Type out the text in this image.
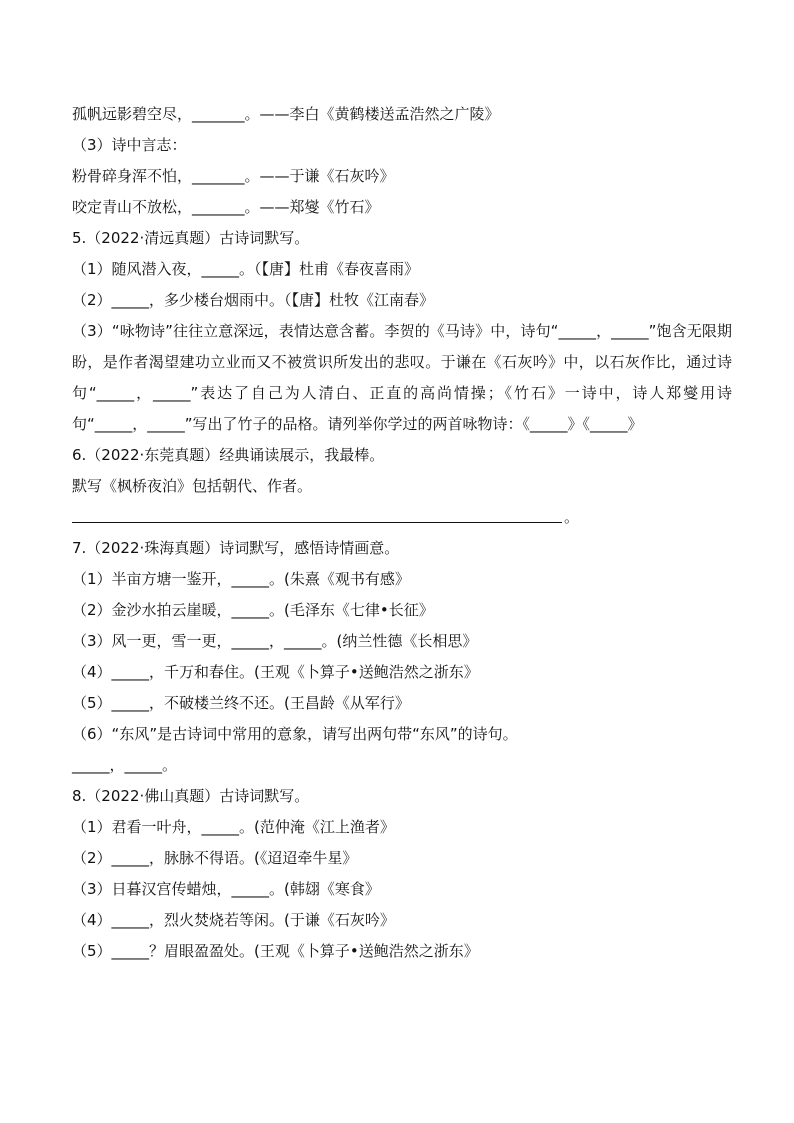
孤帆远影碧空尽，_______。——李白《黄鹤楼送孟浩然之广陵》
（3）诗中言志：
粉骨碎身浑不怕，_______。——于谦《石灰吟》
咬定青山不放松，_______。——郑燮《竹石》
5.（2022·清远真题）古诗词默写。
（1）随风潜入夜，_____。（【唐】杜甫《春夜喜雨》
（2）_____，多少楼台烟雨中。（【唐】杜牧《江南春》
（3）“咏物诗”往往立意深远，表情达意含蓄。李贺的《马诗》中，诗句“_____，_____”饱含无限期盼，是作者渴望建功立业而又不被赏识所发出的悲叹。于谦在《石灰吟》中，以石灰作比，通过诗句“_____，_____”表达了自己为人清白、正直的高尚情操；《竹石》一诗中，诗人郑燮用诗句“_____，_____”写出了竹子的品格。请列举你学过的两首咏物诗：《_____》《_____》
6.（2022·东莞真题）经典诵读展示，我最棒。
默写《枫桥夜泊》包括朝代、作者。
。
7.（2022·珠海真题）诗词默写，感悟诗情画意。
（1）半亩方塘一鉴开，_____。(朱熹《观书有感》
（2）金沙水拍云崖暖，_____。(毛泽东《七律•长征》
（3）风一更，雪一更，_____，_____。(纳兰性德《长相思》
（4）_____，千万和春住。(王观《卜算子•送鲍浩然之浙东》
（5）_____，不破楼兰终不还。(王昌龄《从军行》
（6）“东风”是古诗词中常用的意象，请写出两句带“东风”的诗句。
_____，_____。
8.（2022·佛山真题）古诗词默写。
（1）君看一叶舟，_____。(范仲淹《江上渔者》
（2）_____，脉脉不得语。(《迢迢牵牛星》
（3）日暮汉宫传蜡烛，_____。(韩翃《寒食》
（4）_____，烈火焚烧若等闲。(于谦《石灰吟》
（5）_____？眉眼盈盈处。(王观《卜算子•送鲍浩然之浙东》
